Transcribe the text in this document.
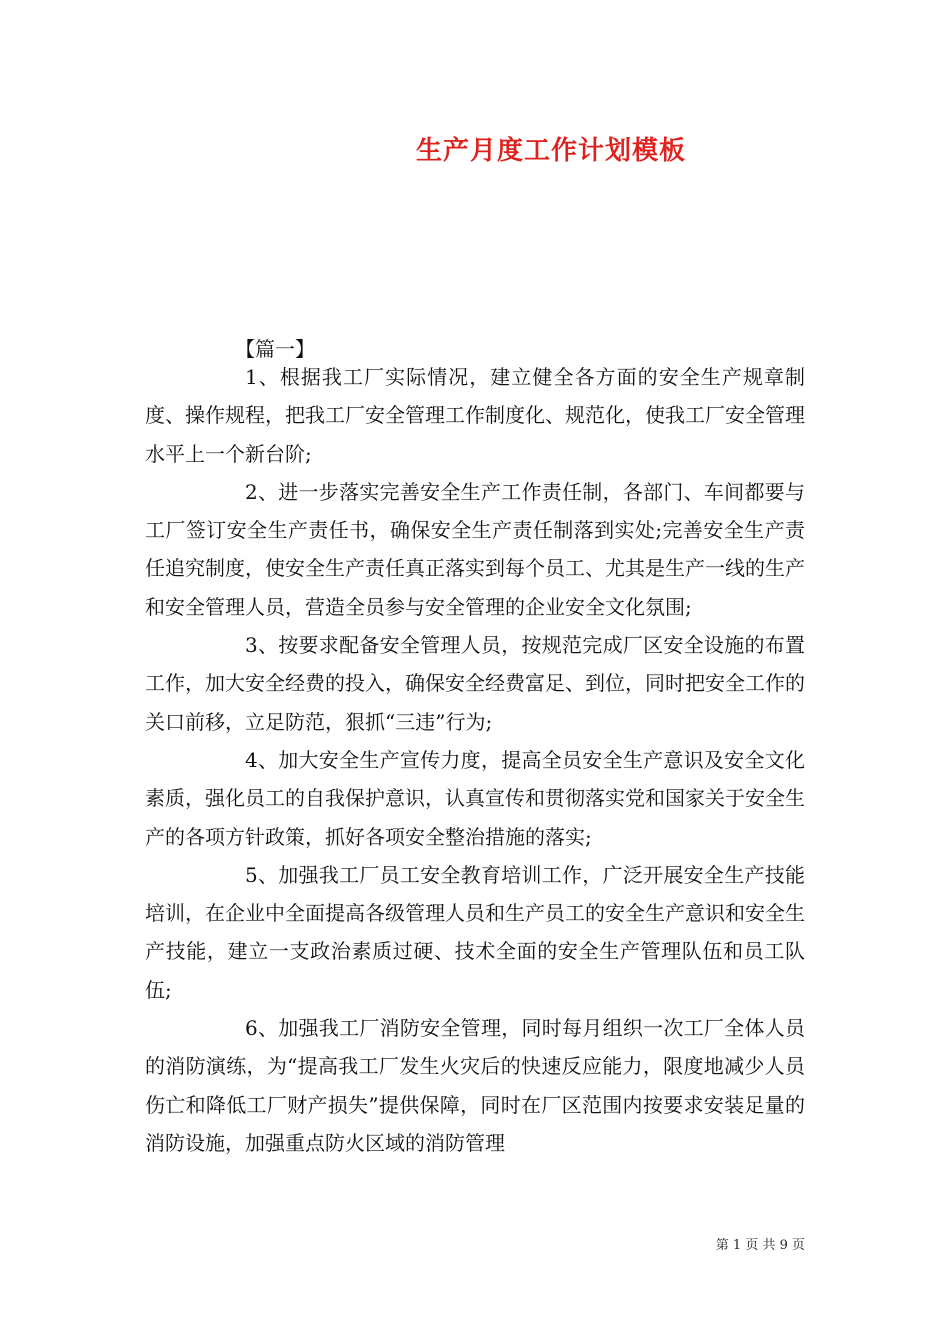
生产月度工作计划模板
【篇一】

1、根据我工厂实际情况，建立健全各方面的安全生产规章制度、操作规程，把我工厂安全管理工作制度化、规范化，使我工厂安全管理水平上一个新台阶;

2、进一步落实完善安全生产工作责任制，各部门、车间都要与工厂签订安全生产责任书，确保安全生产责任制落到实处;完善安全生产责任追究制度，使安全生产责任真正落实到每个员工、尤其是生产一线的生产和安全管理人员，营造全员参与安全管理的企业安全文化氛围;

3、按要求配备安全管理人员，按规范完成厂区安全设施的布置工作，加大安全经费的投入，确保安全经费富足、到位，同时把安全工作的关口前移，立足防范，狠抓“三违”行为;

4、加大安全生产宣传力度，提高全员安全生产意识及安全文化素质，强化员工的自我保护意识，认真宣传和贯彻落实党和国家关于安全生产的各项方针政策，抓好各项安全整治措施的落实;

5、加强我工厂员工安全教育培训工作，广泛开展安全生产技能培训，在企业中全面提高各级管理人员和生产员工的安全生产意识和安全生产技能，建立一支政治素质过硬、技术全面的安全生产管理队伍和员工队伍;

6、加强我工厂消防安全管理，同时每月组织一次工厂全体人员的消防演练，为“提高我工厂发生火灾后的快速反应能力，限度地减少人员伤亡和降低工厂财产损失”提供保障，同时在厂区范围内按要求安装足量的消防设施，加强重点防火区域的消防管理

第 1 页 共 9 页
